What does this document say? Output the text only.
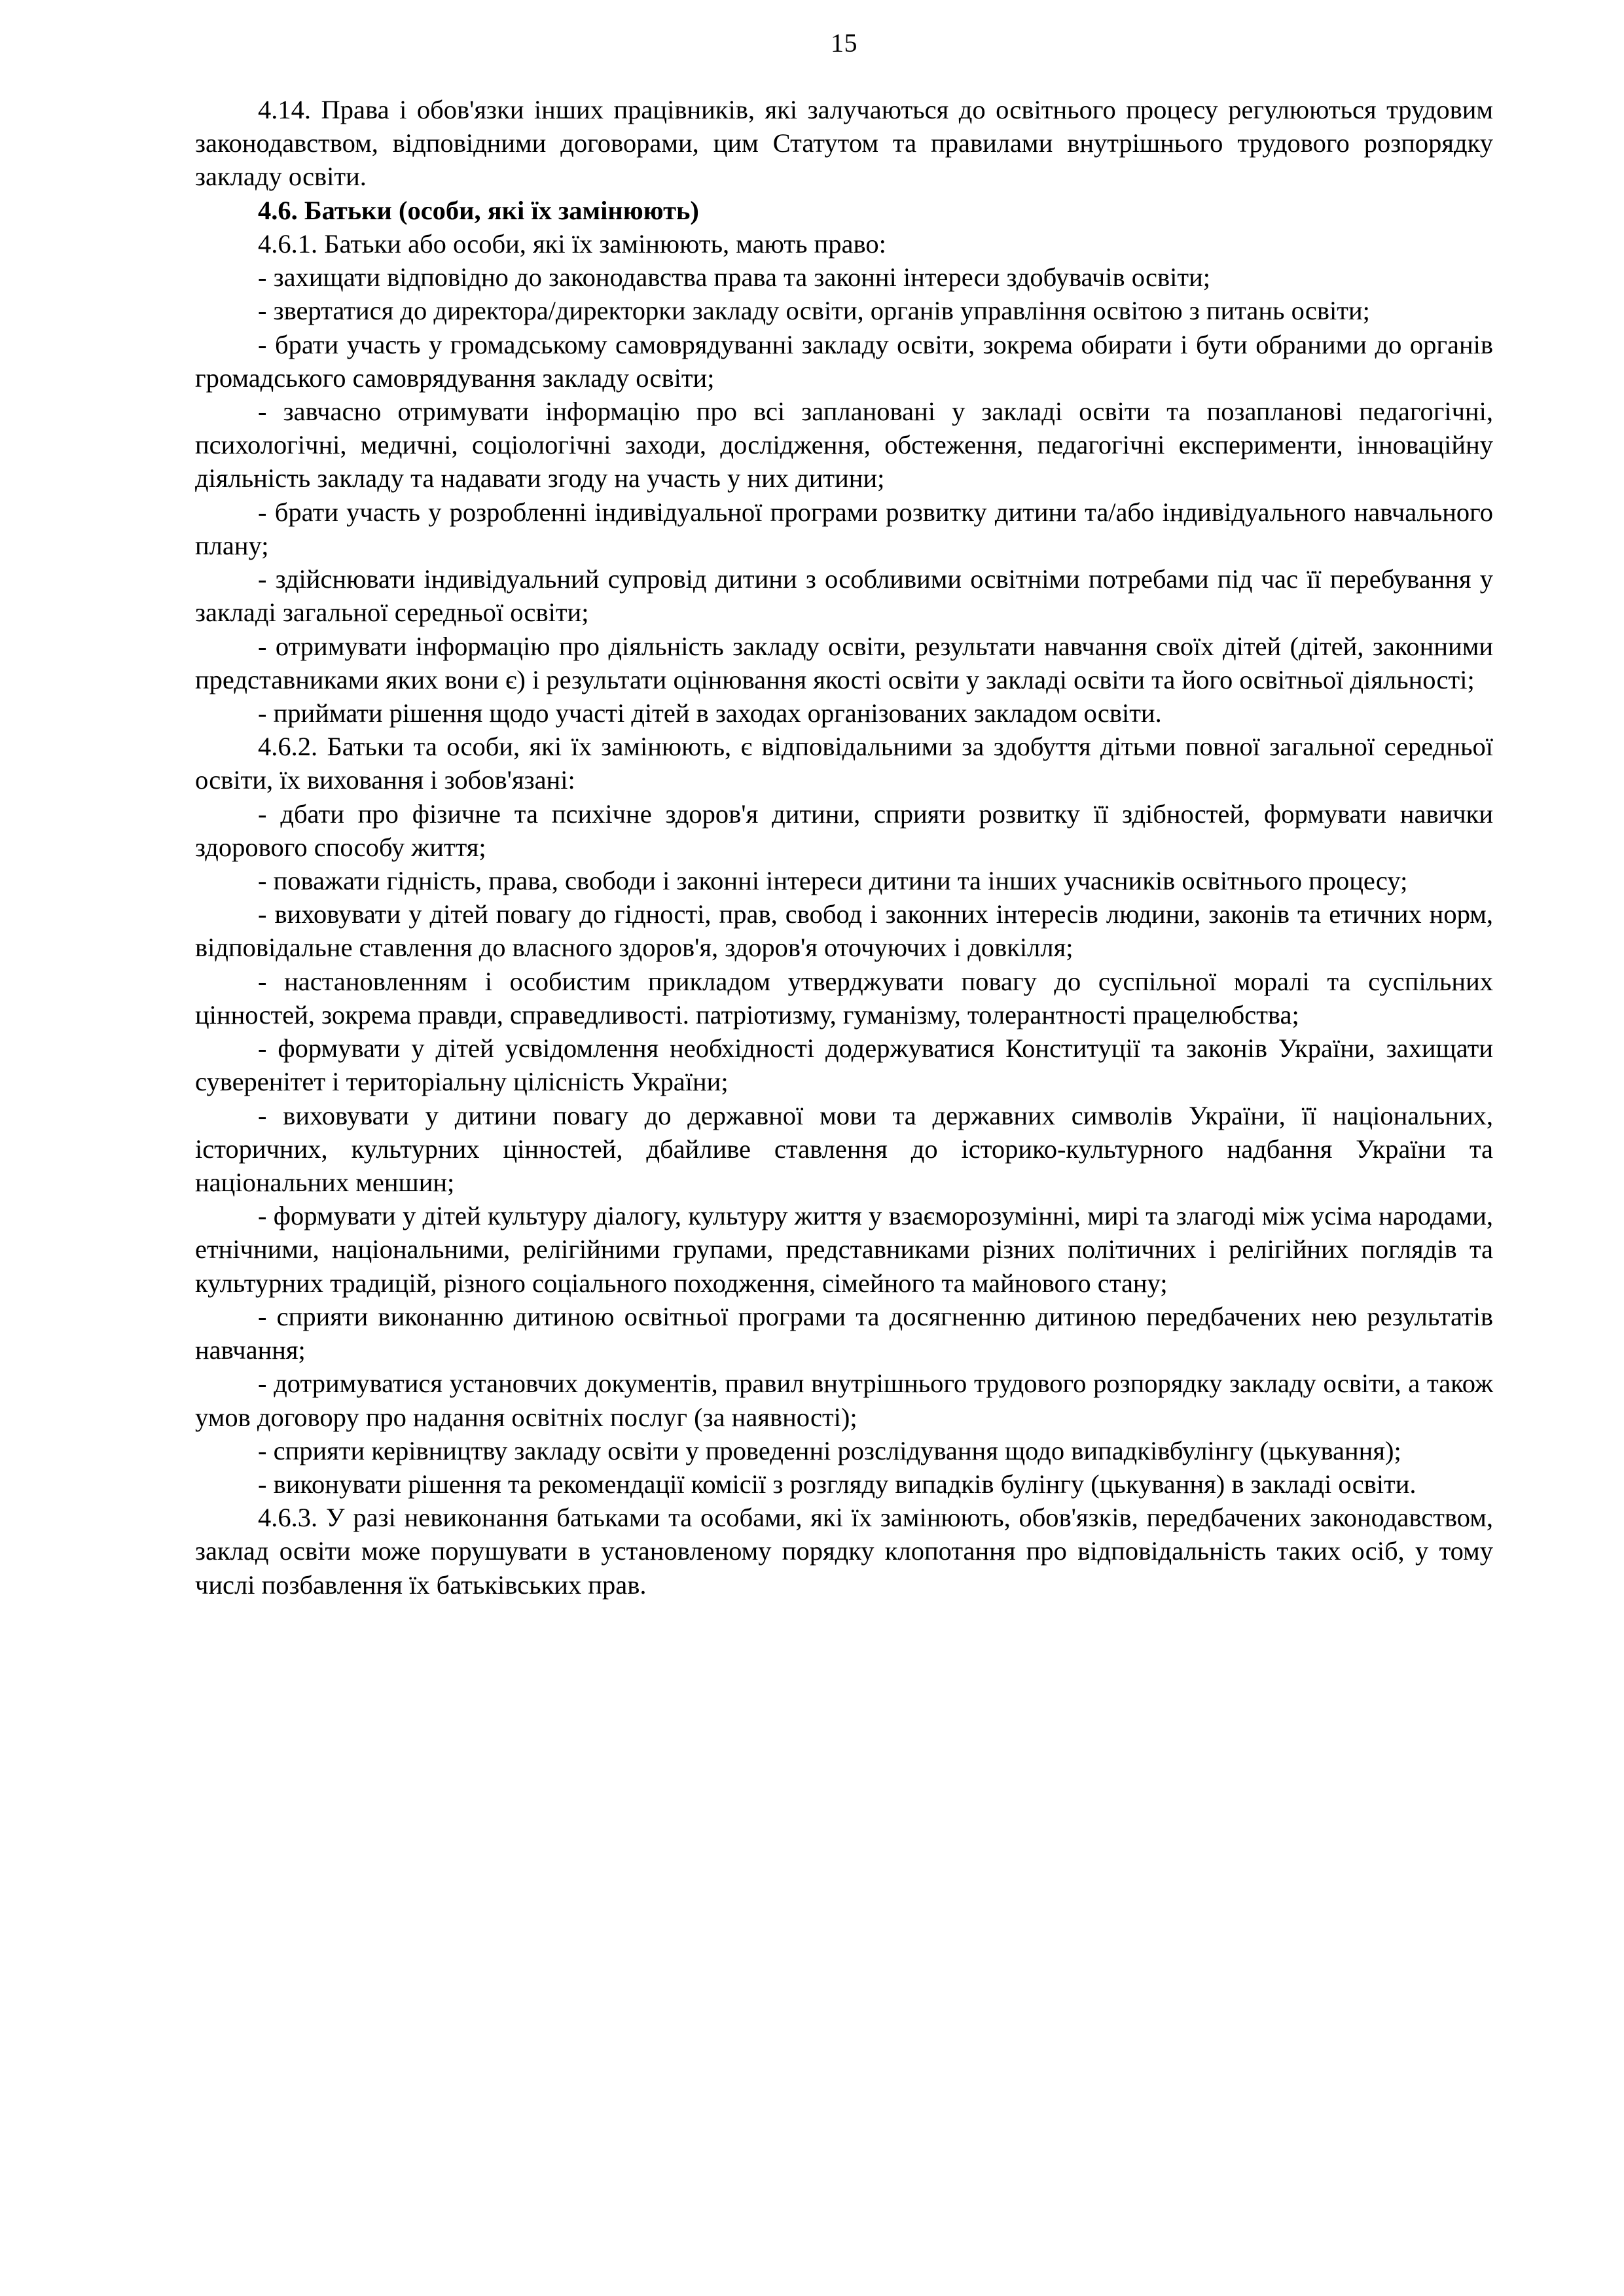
15

4.14. Права і обов'язки інших працівників, які залучаються до освітнього процесу регулюються трудовим законодавством, відповідними договорами, цим Статутом та правилами внутрішнього трудового розпорядку закладу освіти.

4.6. Батьки (особи, які їх замінюють)

4.6.1. Батьки або особи, які їх замінюють, мають право:

- захищати відповідно до законодавства права та законні інтереси здобувачів освіти;

- звертатися до директора/директорки закладу освіти, органів управління освітою з питань освіти;

- брати участь у громадському самоврядуванні закладу освіти, зокрема обирати і бути обраними до органів громадського самоврядування закладу освіти;

- завчасно отримувати інформацію про всі заплановані у закладі освіти та позапланові педагогічні, психологічні, медичні, соціологічні заходи, дослідження, обстеження, педагогічні експерименти, інноваційну діяльність закладу та надавати згоду на участь у них дитини;

- брати участь у розробленні індивідуальної програми розвитку дитини та/або індивідуального навчального плану;

- здійснювати індивідуальний супровід дитини з особливими освітніми потребами під час її перебування у закладі загальної середньої освіти;

- отримувати інформацію про діяльність закладу освіти, результати навчання своїх дітей (дітей, законними представниками яких вони є) і результати оцінювання якості освіти у закладі освіти та його освітньої діяльності;

- приймати рішення щодо участі дітей в заходах організованих закладом освіти.

4.6.2. Батьки та особи, які їх замінюють, є відповідальними за здобуття дітьми повної загальної середньої освіти, їх виховання і зобов'язані:

- дбати про фізичне та психічне здоров'я дитини, сприяти розвитку її здібностей, формувати навички здорового способу життя;

- поважати гідність, права, свободи і законні інтереси дитини та інших учасників освітнього процесу;

- виховувати у дітей повагу до гідності, прав, свобод і законних інтересів людини, законів та етичних норм, відповідальне ставлення до власного здоров'я, здоров'я оточуючих і довкілля;

- настановленням і особистим прикладом утверджувати повагу до суспільної моралі та суспільних цінностей, зокрема правди, справедливості. патріотизму, гуманізму, толерантності працелюбства;

- формувати у дітей усвідомлення необхідності додержуватися Конституції та законів України, захищати суверенітет і територіальну цілісність України;

- виховувати у дитини повагу до державної мови та державних символів України, її національних, історичних, культурних цінностей, дбайливе ставлення до історико-культурного надбання України та національних меншин;

- формувати у дітей культуру діалогу, культуру життя у взаєморозумінні, мирі та злагоді між усіма народами, етнічними, національними, релігійними групами, представниками різних політичних і релігійних поглядів та культурних традицій, різного соціального походження, сімейного та майнового стану;

- сприяти виконанню дитиною освітньої програми та досягненню дитиною передбачених нею результатів навчання;

- дотримуватися установчих документів, правил внутрішнього трудового розпорядку закладу освіти, а також умов договору про надання освітніх послуг (за наявності);

- сприяти керівництву закладу освіти у проведенні розслідування щодо випадківбулінгу (цькування);

- виконувати рішення та рекомендації комісії з розгляду випадків булінгу (цькування) в закладі освіти.

4.6.3. У разі невиконання батьками та особами, які їх замінюють, обов'язків, передбачених законодавством, заклад освіти може порушувати в установленому порядку клопотання про відповідальність таких осіб, у тому числі позбавлення їх батьківських прав.
